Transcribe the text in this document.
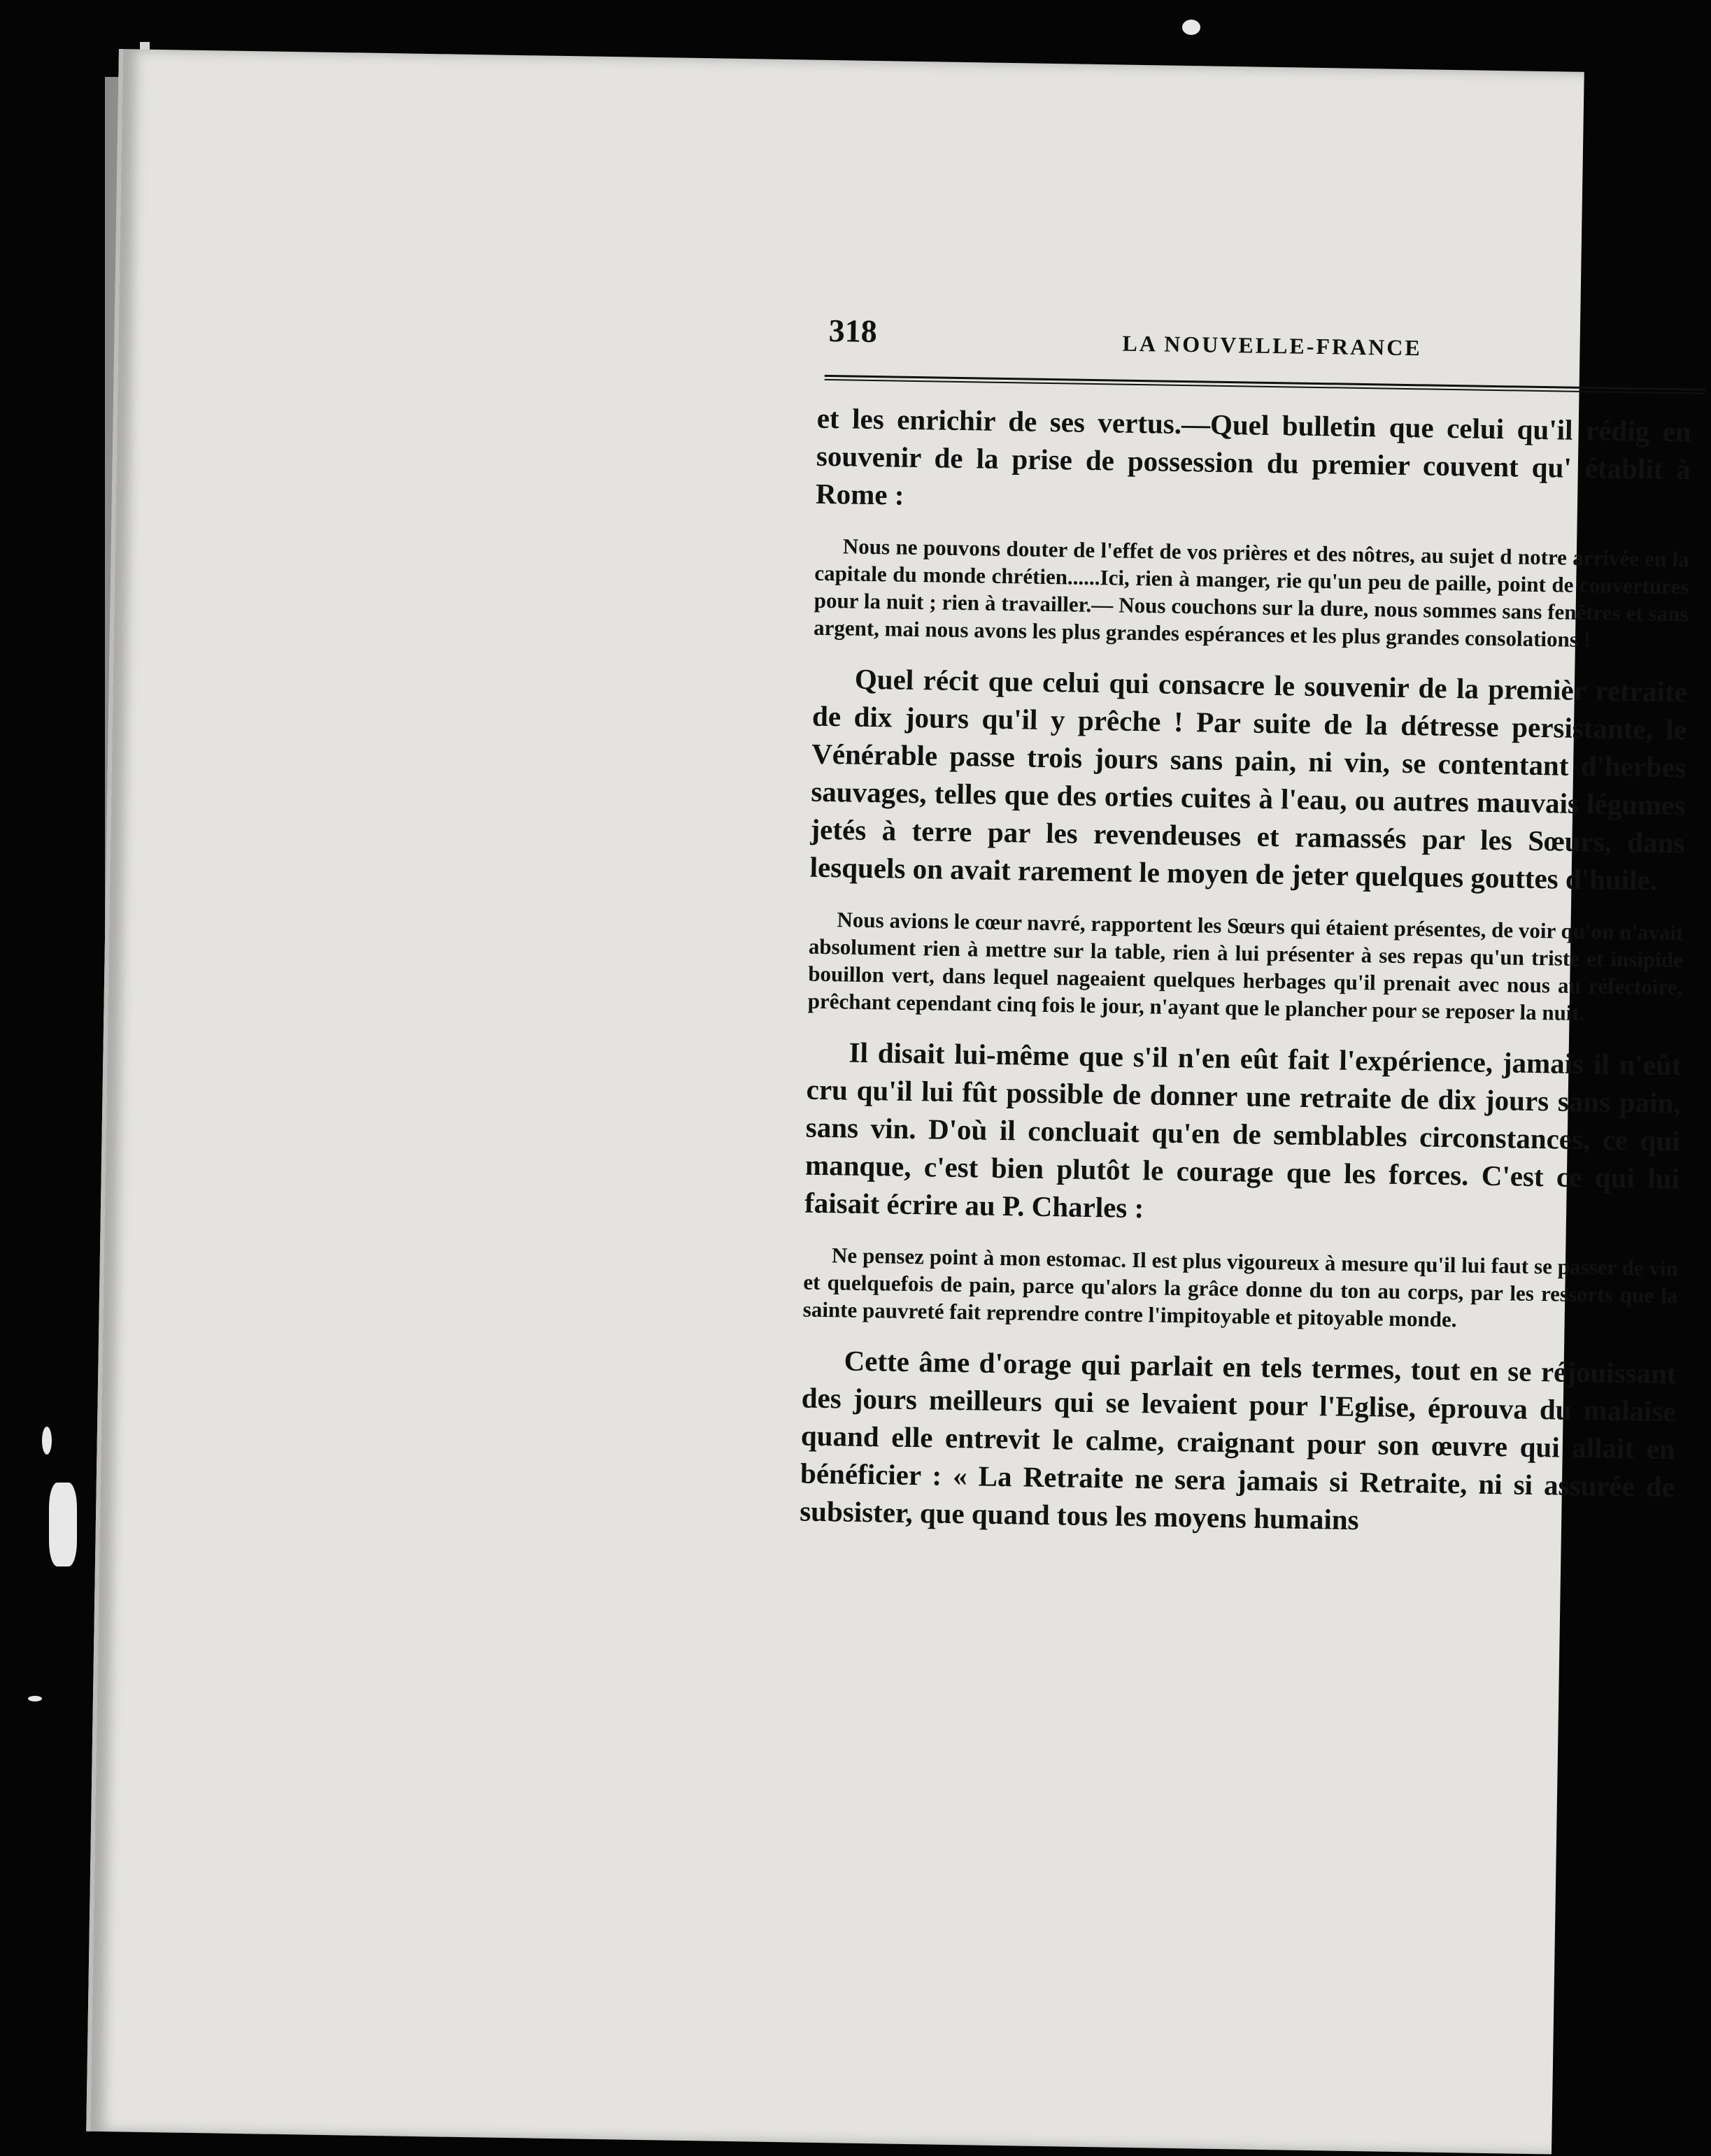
318	LA NOUVELLE-FRANCE

et les enrichir de ses vertus.—Quel bulletin que celui qu'il rédig en souvenir de la prise de possession du premier couvent qu' établit à Rome :

Nous ne pouvons douter de l'effet de vos prières et des nôtres, au sujet d notre arrivée en la capitale du monde chrétien......Ici, rien à manger, rie qu'un peu de paille, point de couvertures pour la nuit ; rien à travailler.— Nous couchons sur la dure, nous sommes sans fenêtres et sans argent, mai nous avons les plus grandes espérances et les plus grandes consolations !

Quel récit que celui qui consacre le souvenir de la premièr retraite de dix jours qu'il y prêche ! Par suite de la détresse persistante, le Vénérable passe trois jours sans pain, ni vin, se contentant d'herbes sauvages, telles que des orties cuites à l'eau, ou autres mauvais légumes jetés à terre par les revendeuses et ramassés par les Sœurs, dans lesquels on avait rarement le moyen de jeter quelques gouttes d'huile.

Nous avions le cœur navré, rapportent les Sœurs qui étaient présentes, de voir qu'on n'avait absolument rien à mettre sur la table, rien à lui présenter à ses repas qu'un triste et insipide bouillon vert, dans lequel nageaient quelques herbages qu'il prenait avec nous au réfectoire, prêchant cependant cinq fois le jour, n'ayant que le plancher pour se reposer la nuit.

Il disait lui-même que s'il n'en eût fait l'expérience, jamais il n'eût cru qu'il lui fût possible de donner une retraite de dix jours sans pain, sans vin. D'où il concluait qu'en de semblables circonstances, ce qui manque, c'est bien plutôt le courage que les forces. C'est ce qui lui faisait écrire au P. Charles :

Ne pensez point à mon estomac. Il est plus vigoureux à mesure qu'il lui faut se passer de vin et quelquefois de pain, parce qu'alors la grâce donne du ton au corps, par les ressorts que la sainte pauvreté fait reprendre contre l'impitoyable et pitoyable monde.

Cette âme d'orage qui parlait en tels termes, tout en se réjouissant des jours meilleurs qui se levaient pour l'Eglise, éprouva du malaise quand elle entrevit le calme, craignant pour son œuvre qui allait en bénéficier : « La Retraite ne sera jamais si Retraite, ni si assurée de subsister, que quand tous les moyens humains
